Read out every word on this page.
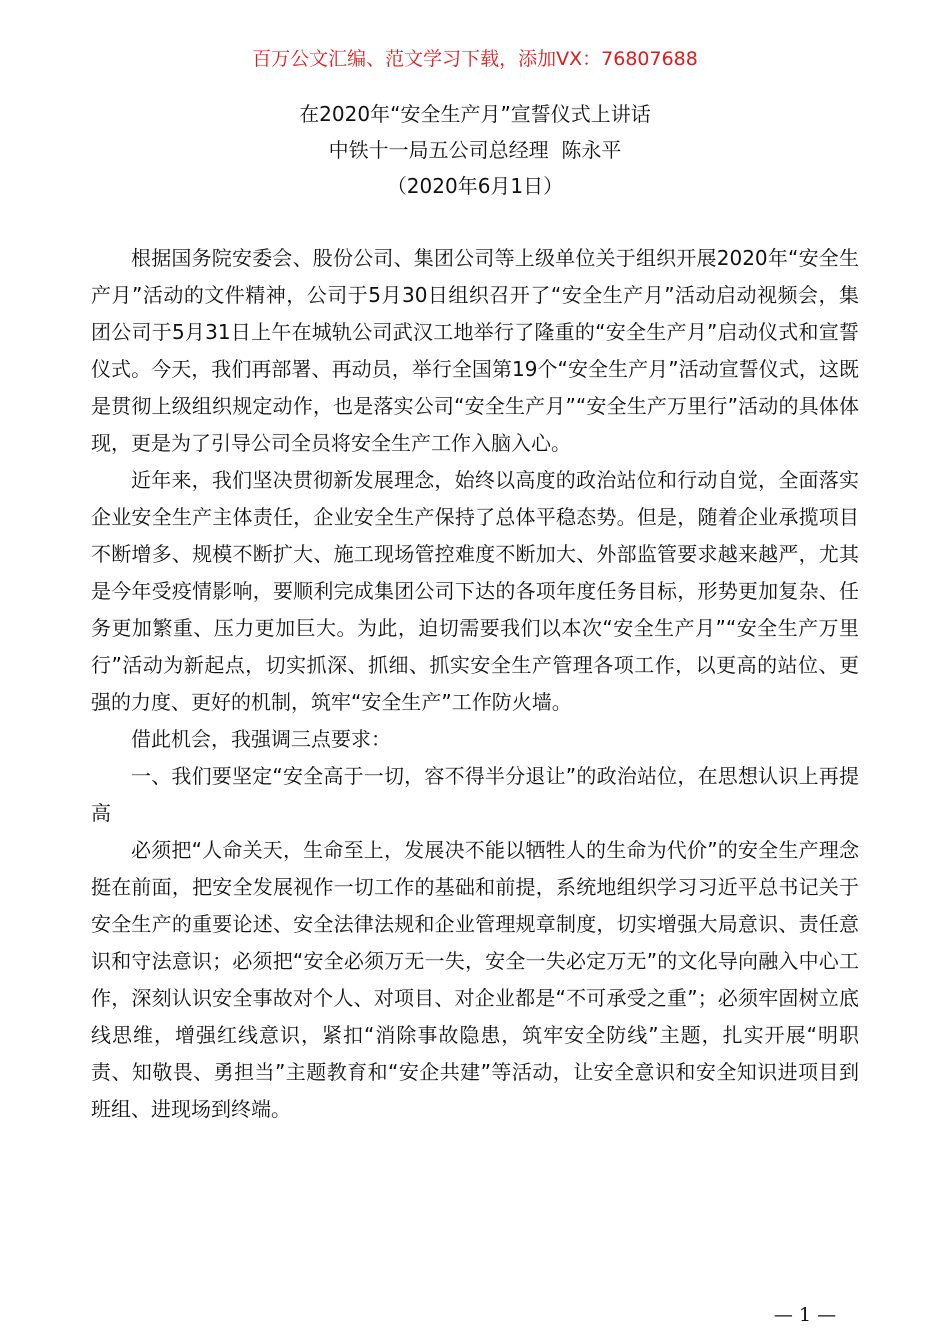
百万公文汇编、范文学习下载，添加VX：76807688
在2020年“安全生产月”宣誓仪式上讲话
中铁十一局五公司总经理  陈永平
（2020年6月1日）

根据国务院安委会、股份公司、集团公司等上级单位关于组织开展2020年“安全生产月”活动的文件精神，公司于5月30日组织召开了“安全生产月”活动启动视频会，集团公司于5月31日上午在城轨公司武汉工地举行了隆重的“安全生产月”启动仪式和宣誓仪式。今天，我们再部署、再动员，举行全国第19个“安全生产月”活动宣誓仪式，这既是贯彻上级组织规定动作，也是落实公司“安全生产月”“安全生产万里行”活动的具体体现，更是为了引导公司全员将安全生产工作入脑入心。

近年来，我们坚决贯彻新发展理念，始终以高度的政治站位和行动自觉，全面落实企业安全生产主体责任，企业安全生产保持了总体平稳态势。但是，随着企业承揽项目不断增多、规模不断扩大、施工现场管控难度不断加大、外部监管要求越来越严，尤其是今年受疫情影响，要顺利完成集团公司下达的各项年度任务目标，形势更加复杂、任务更加繁重、压力更加巨大。为此，迫切需要我们以本次“安全生产月”“安全生产万里行”活动为新起点，切实抓深、抓细、抓实安全生产管理各项工作，以更高的站位、更强的力度、更好的机制，筑牢“安全生产”工作防火墙。

借此机会，我强调三点要求：

一、我们要坚定“安全高于一切，容不得半分退让”的政治站位，在思想认识上再提高

必须把“人命关天，生命至上，发展决不能以牺牲人的生命为代价”的安全生产理念挺在前面，把安全发展视作一切工作的基础和前提，系统地组织学习习近平总书记关于安全生产的重要论述、安全法律法规和企业管理规章制度，切实增强大局意识、责任意识和守法意识；必须把“安全必须万无一失，安全一失必定万无”的文化导向融入中心工作，深刻认识安全事故对个人、对项目、对企业都是“不可承受之重”；必须牢固树立底线思维，增强红线意识，紧扣“消除事故隐患，筑牢安全防线”主题，扎实开展“明职责、知敬畏、勇担当”主题教育和“安企共建”等活动，让安全意识和安全知识进项目到班组、进现场到终端。

— 1 —
